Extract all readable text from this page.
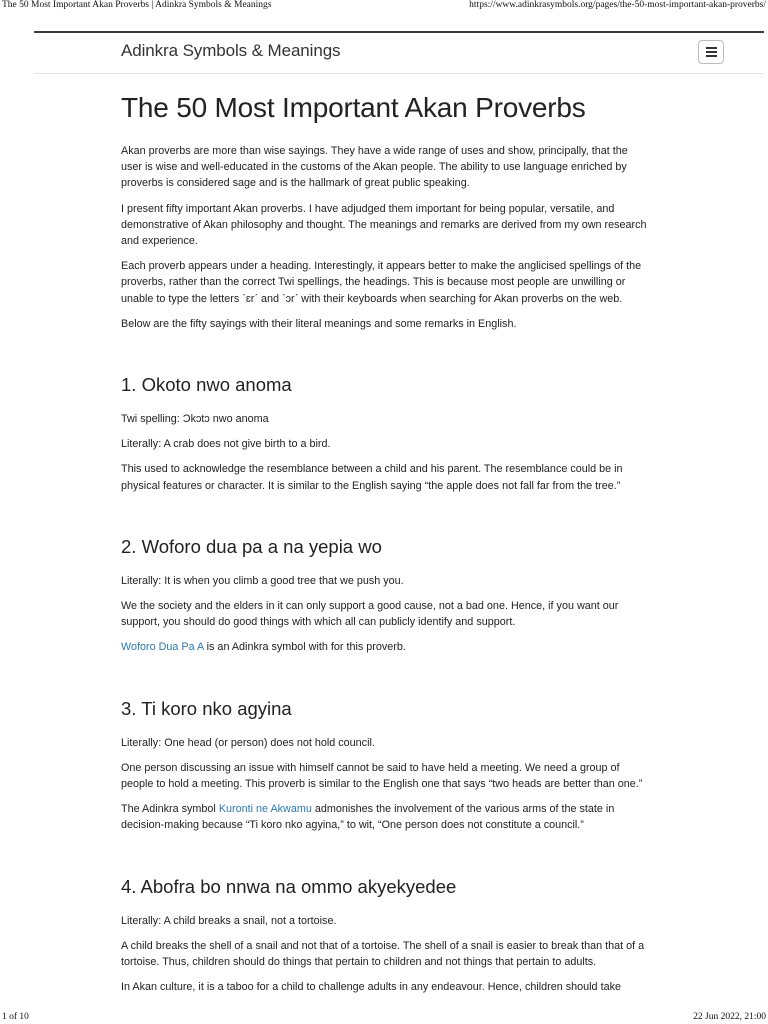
The 50 Most Important Akan Proverbs | Adinkra Symbols & Meanings	https://www.adinkrasymbols.org/pages/the-50-most-important-akan-proverbs/
Adinkra Symbols & Meanings
The 50 Most Important Akan Proverbs

Akan proverbs are more than wise sayings. They have a wide range of uses and show, principally, that the user is wise and well-educated in the customs of the Akan people. The ability to use language enriched by proverbs is considered sage and is the hallmark of great public speaking.

I present fifty important Akan proverbs. I have adjudged them important for being popular, versatile, and demonstrative of Akan philosophy and thought. The meanings and remarks are derived from my own research and experience.

Each proverb appears under a heading. Interestingly, it appears better to make the anglicised spellings of the proverbs, rather than the correct Twi spellings, the headings. This is because most people are unwilling or unable to type the letters ˋɛrˊ and ˋɔrˊ with their keyboards when searching for Akan proverbs on the web.

Below are the fifty sayings with their literal meanings and some remarks in English.

1. Okoto nwo anoma

Twi spelling: Ɔkɔtɔ nwo anoma

Literally: A crab does not give birth to a bird.

This used to acknowledge the resemblance between a child and his parent. The resemblance could be in physical features or character. It is similar to the English saying “the apple does not fall far from the tree.”

2. Woforo dua pa a na yepia wo

Literally: It is when you climb a good tree that we push you.

We the society and the elders in it can only support a good cause, not a bad one. Hence, if you want our support, you should do good things with which all can publicly identify and support.

Woforo Dua Pa A is an Adinkra symbol with for this proverb.

3. Ti koro nko agyina

Literally: One head (or person) does not hold council.

One person discussing an issue with himself cannot be said to have held a meeting. We need a group of people to hold a meeting. This proverb is similar to the English one that says “two heads are better than one.”

The Adinkra symbol Kuronti ne Akwamu admonishes the involvement of the various arms of the state in decision-making because “Ti koro nko agyina,” to wit, “One person does not constitute a council.”

4. Abofra bo nnwa na ommo akyekyedee

Literally: A child breaks a snail, not a tortoise.

A child breaks the shell of a snail and not that of a tortoise. The shell of a snail is easier to break than that of a tortoise. Thus, children should do things that pertain to children and not things that pertain to adults.

In Akan culture, it is a taboo for a child to challenge adults in any endeavour. Hence, children should take

1 of 10	22 Jun 2022, 21:00
